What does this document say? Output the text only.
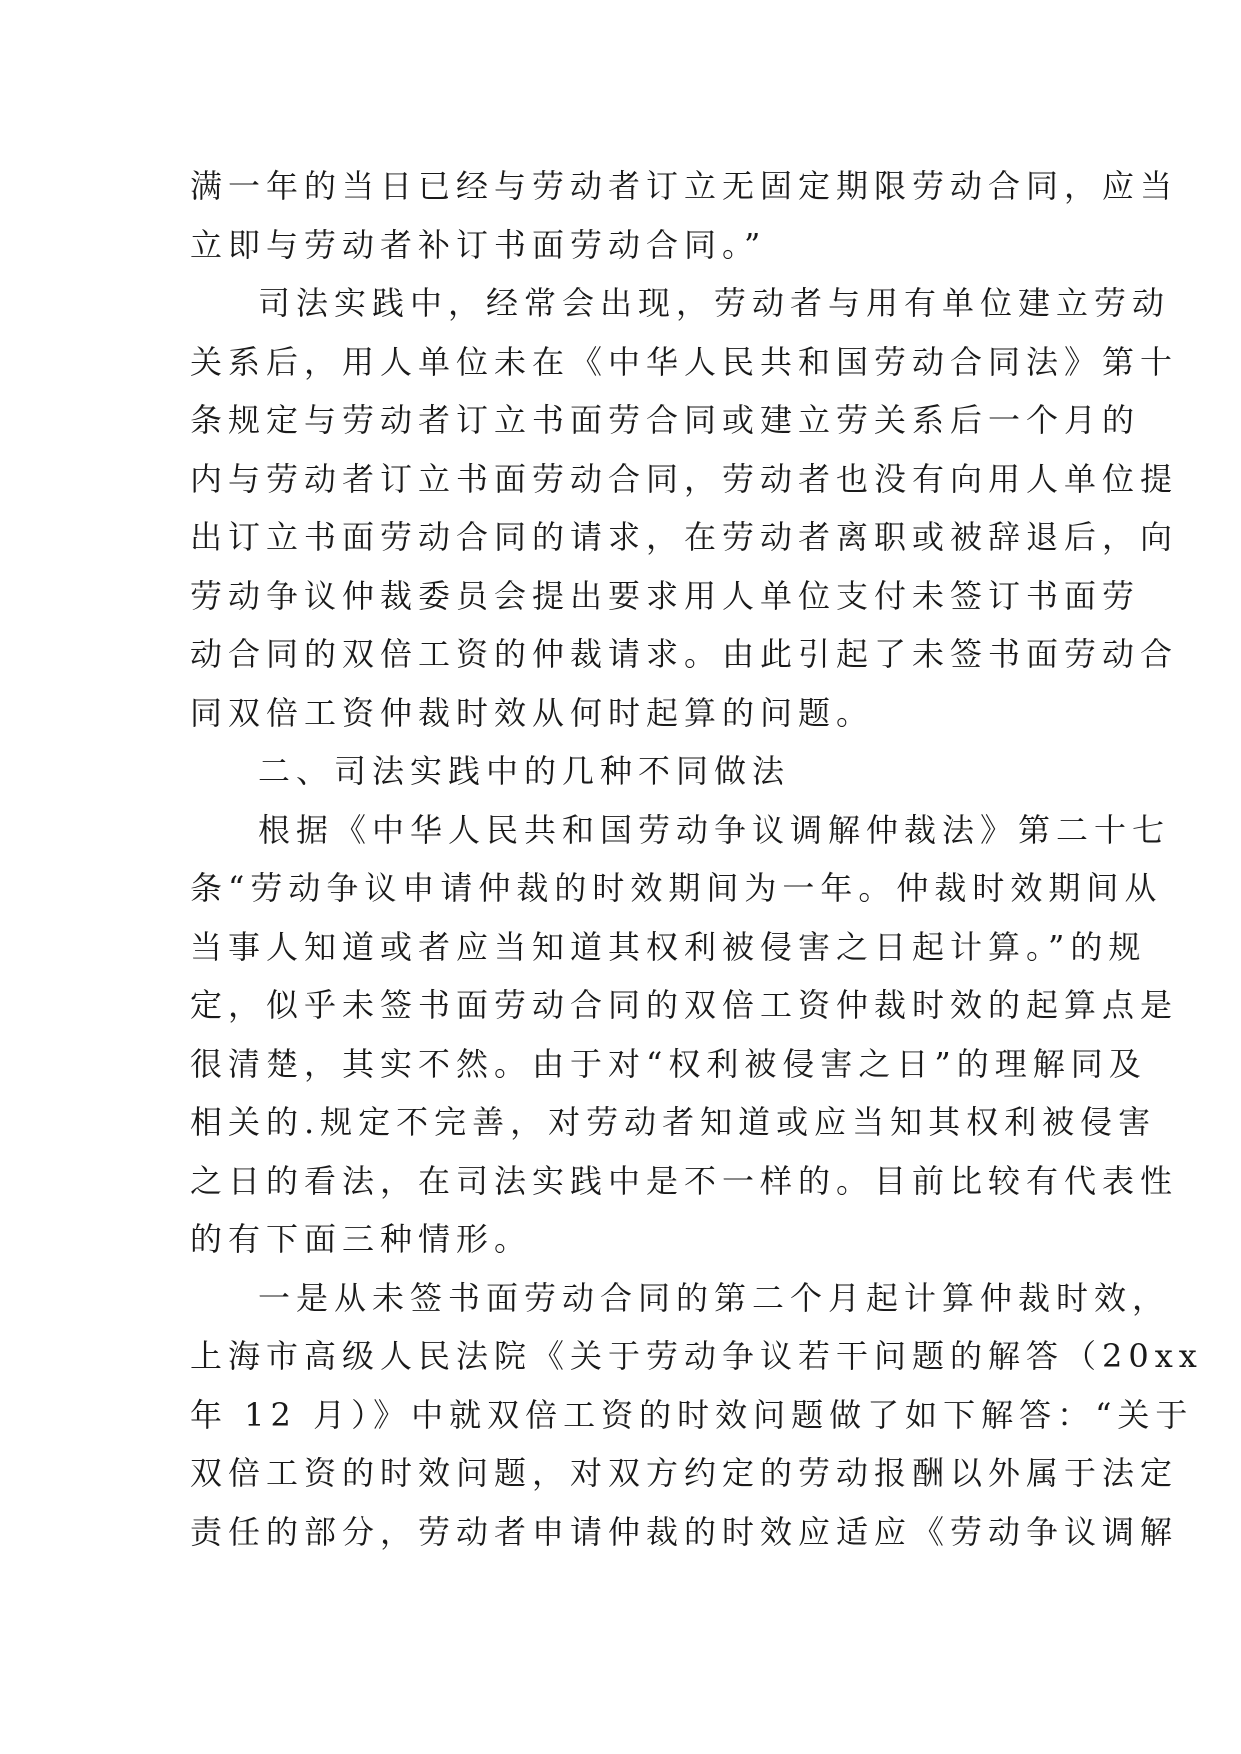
满一年的当日已经与劳动者订立无固定期限劳动合同，应当
立即与劳动者补订书面劳动合同。”
司法实践中，经常会出现，劳动者与用有单位建立劳动
关系后，用人单位未在《中华人民共和国劳动合同法》第十
条规定与劳动者订立书面劳合同或建立劳关系后一个月的
内与劳动者订立书面劳动合同，劳动者也没有向用人单位提
出订立书面劳动合同的请求，在劳动者离职或被辞退后，向
劳动争议仲裁委员会提出要求用人单位支付未签订书面劳
动合同的双倍工资的仲裁请求。由此引起了未签书面劳动合
同双倍工资仲裁时效从何时起算的问题。
二、司法实践中的几种不同做法
根据《中华人民共和国劳动争议调解仲裁法》第二十七
条“劳动争议申请仲裁的时效期间为一年。仲裁时效期间从
当事人知道或者应当知道其权利被侵害之日起计算。”的规
定，似乎未签书面劳动合同的双倍工资仲裁时效的起算点是
很清楚，其实不然。由于对“权利被侵害之日”的理解同及
相关的.规定不完善，对劳动者知道或应当知其权利被侵害
之日的看法，在司法实践中是不一样的。目前比较有代表性
的有下面三种情形。
一是从未签书面劳动合同的第二个月起计算仲裁时效，
上海市高级人民法院《关于劳动争议若干问题的解答（20xx
年 12 月）》中就双倍工资的时效问题做了如下解答：“关于
双倍工资的时效问题，对双方约定的劳动报酬以外属于法定
责任的部分，劳动者申请仲裁的时效应适应《劳动争议调解
